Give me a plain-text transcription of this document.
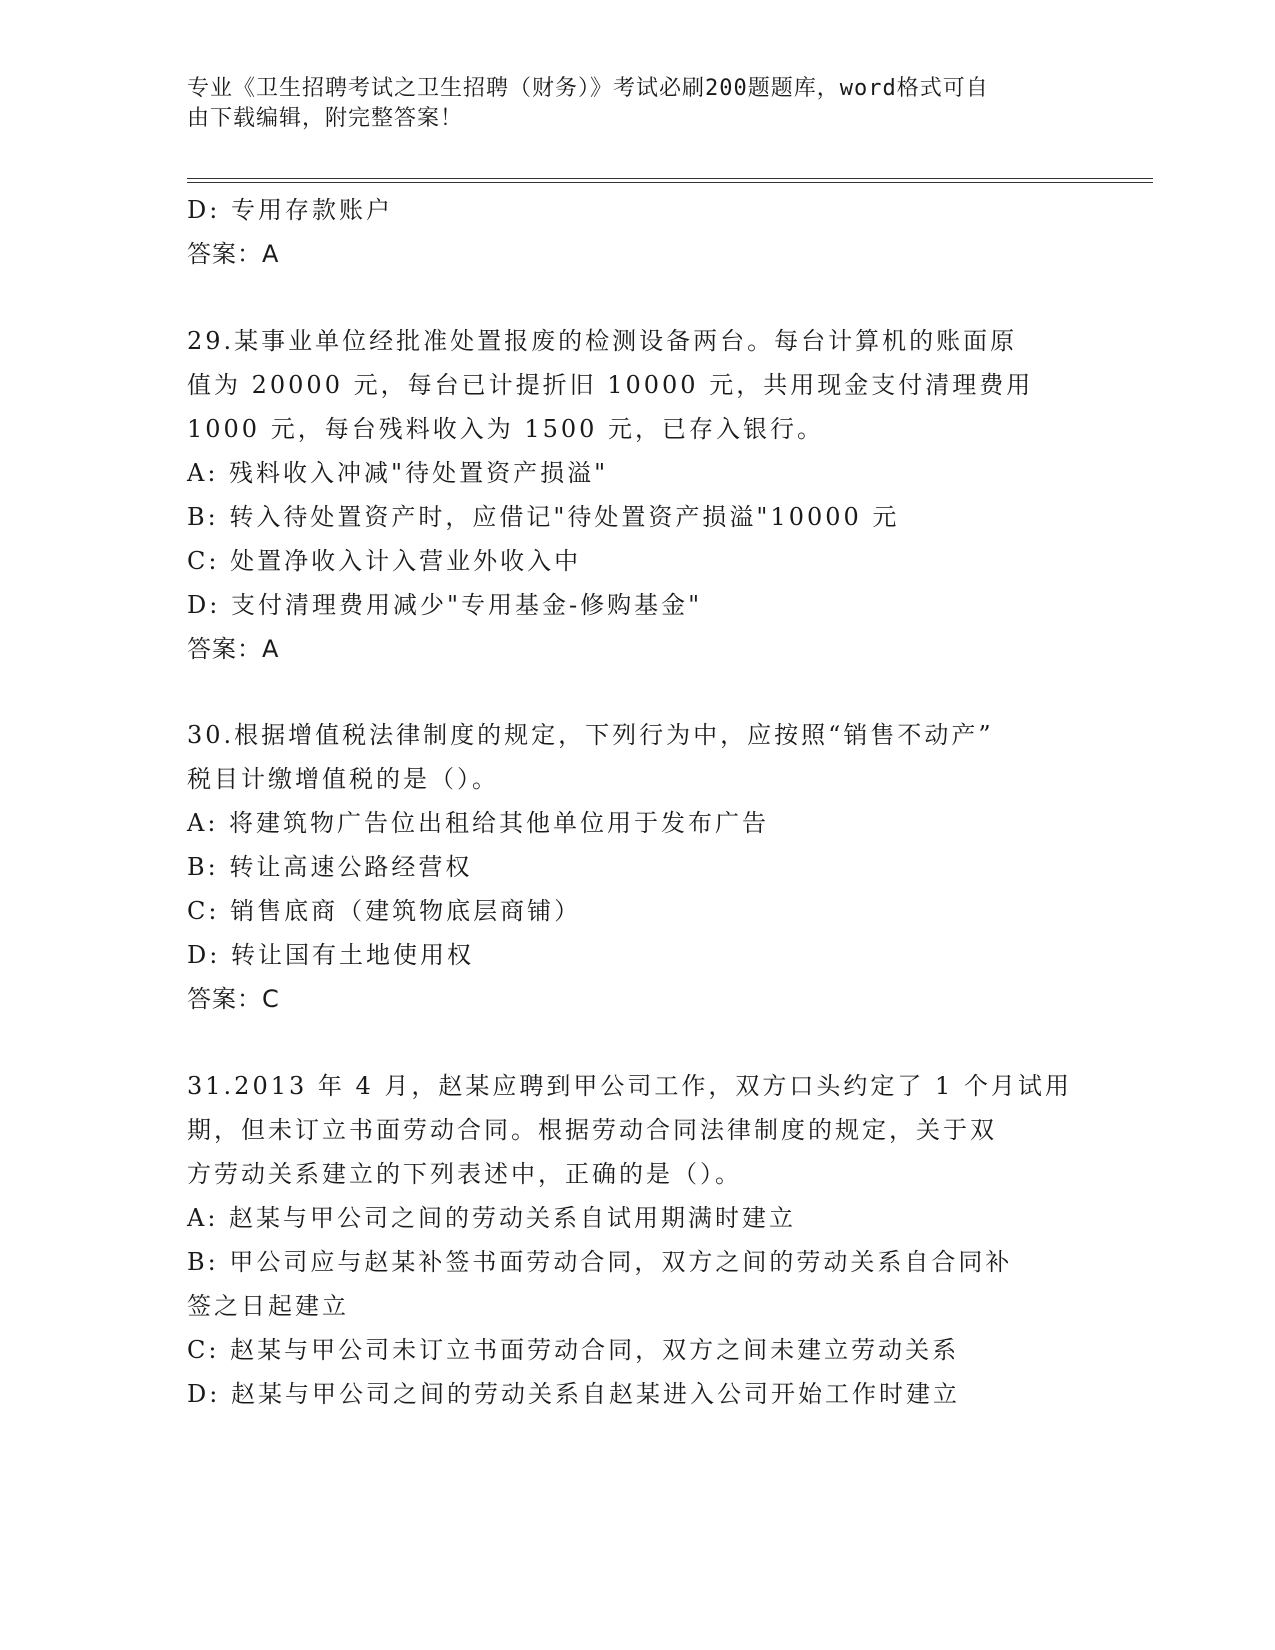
专业《卫生招聘考试之卫生招聘（财务）》考试必刷200题题库，word格式可自
由下载编辑，附完整答案！
D: 专用存款账户
答案：A
29.某事业单位经批准处置报废的检测设备两台。每台计算机的账面原
值为 20000 元，每台已计提折旧 10000 元，共用现金支付清理费用
1000 元，每台残料收入为 1500 元，已存入银行。
A: 残料收入冲减"待处置资产损溢"
B: 转入待处置资产时，应借记"待处置资产损溢"10000 元
C: 处置净收入计入营业外收入中
D: 支付清理费用减少"专用基金-修购基金"
答案：A
30.根据增值税法律制度的规定，下列行为中，应按照“销售不动产”
税目计缴增值税的是（）。
A: 将建筑物广告位出租给其他单位用于发布广告
B: 转让高速公路经营权
C: 销售底商（建筑物底层商铺）
D: 转让国有土地使用权
答案：C
31.2013 年 4 月，赵某应聘到甲公司工作，双方口头约定了 1 个月试用
期，但未订立书面劳动合同。根据劳动合同法律制度的规定，关于双
方劳动关系建立的下列表述中，正确的是（）。
A: 赵某与甲公司之间的劳动关系自试用期满时建立
B: 甲公司应与赵某补签书面劳动合同，双方之间的劳动关系自合同补
签之日起建立
C: 赵某与甲公司未订立书面劳动合同，双方之间未建立劳动关系
D: 赵某与甲公司之间的劳动关系自赵某进入公司开始工作时建立
